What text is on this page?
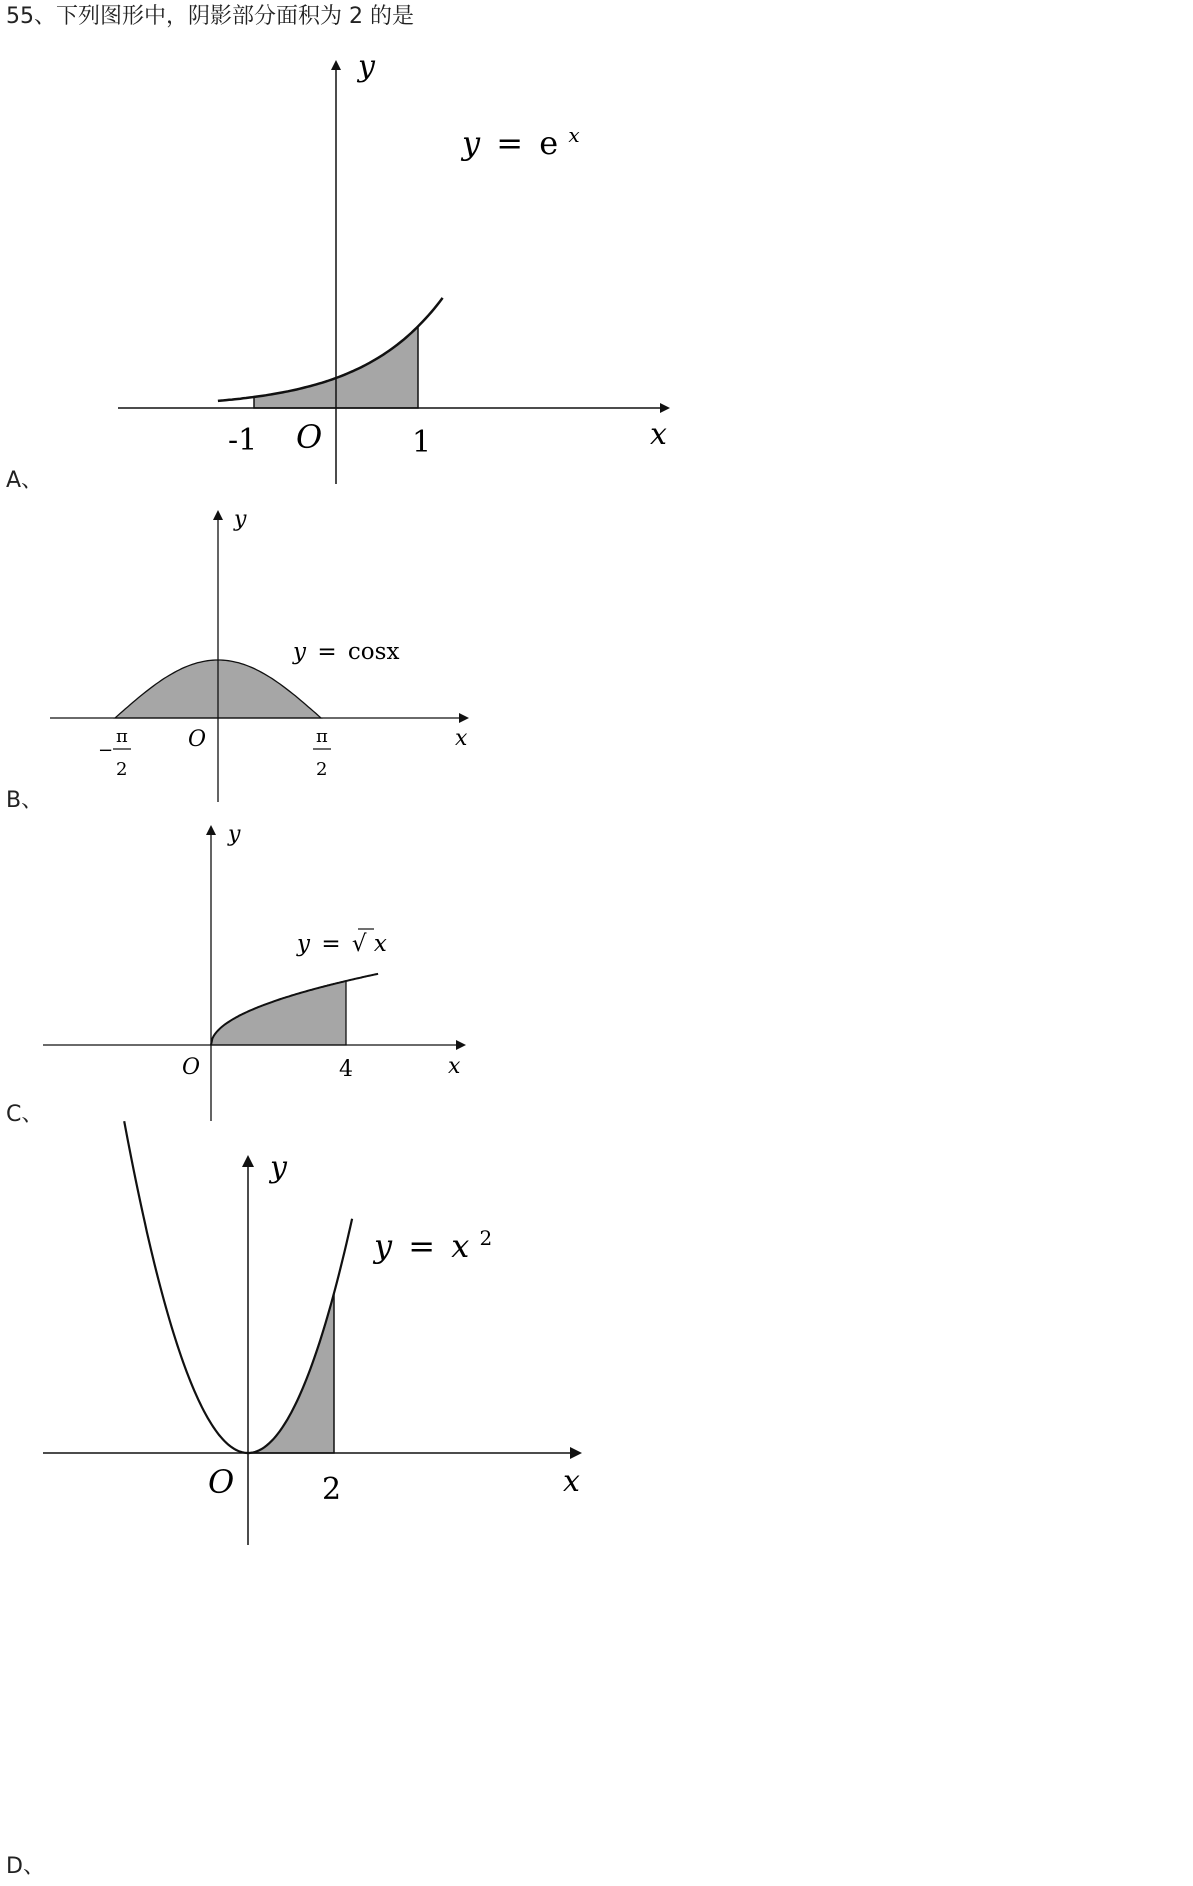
55、下列图形中，阴影部分面积为 2 的是
y
x
O
-1	1
y = e $^x$
A、
y
x
O
−
π
2
π
2
y = cosx
B、
y
x
O	4
y = √ x
C、
y
x
O	2
y = x $^2$
D、
